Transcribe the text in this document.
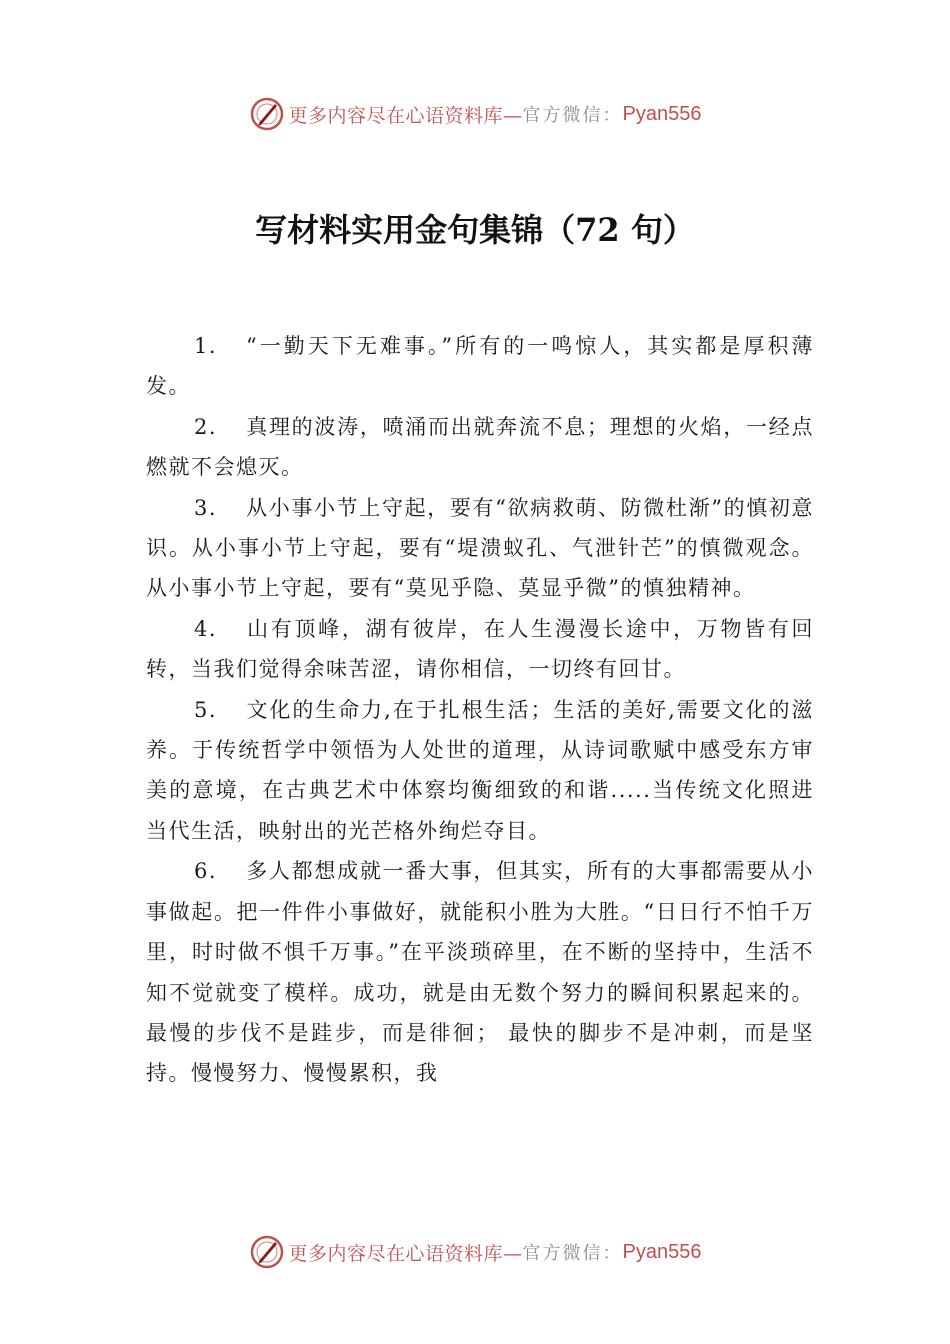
更多内容尽在心语资料库— 官方微信： Pyan556
写材料实用金句集锦（72 句）

1. “一勤天下无难事。”所有的一鸣惊人，其实都是厚积薄发。

2. 真理的波涛，喷涌而出就奔流不息；理想的火焰，一经点燃就不会熄灭。

3. 从小事小节上守起，要有“欲病救萌、防微杜渐”的慎初意识。从小事小节上守起，要有“堤溃蚁孔、气泄针芒”的慎微观念。从小事小节上守起，要有“莫见乎隐、莫显乎微”的慎独精神。

4. 山有顶峰，湖有彼岸，在人生漫漫长途中，万物皆有回转，当我们觉得余味苦涩，请你相信，一切终有回甘。

5. 文化的生命力,在于扎根生活；生活的美好,需要文化的滋养。于传统哲学中领悟为人处世的道理，从诗词歌赋中感受东方审美的意境，在古典艺术中体察均衡细致的和谐.....当传统文化照进当代生活，映射出的光芒格外绚烂夺目。

6. 多人都想成就一番大事，但其实，所有的大事都需要从小事做起。把一件件小事做好，就能积小胜为大胜。“日日行不怕千万里，时时做不惧千万事。”在平淡琐碎里，在不断的坚持中，生活不知不觉就变了模样。成功，就是由无数个努力的瞬间积累起来的。最慢的步伐不是跬步，而是徘徊； 最快的脚步不是冲刺，而是坚持。慢慢努力、慢慢累积，我

更多内容尽在心语资料库— 官方微信： Pyan556
